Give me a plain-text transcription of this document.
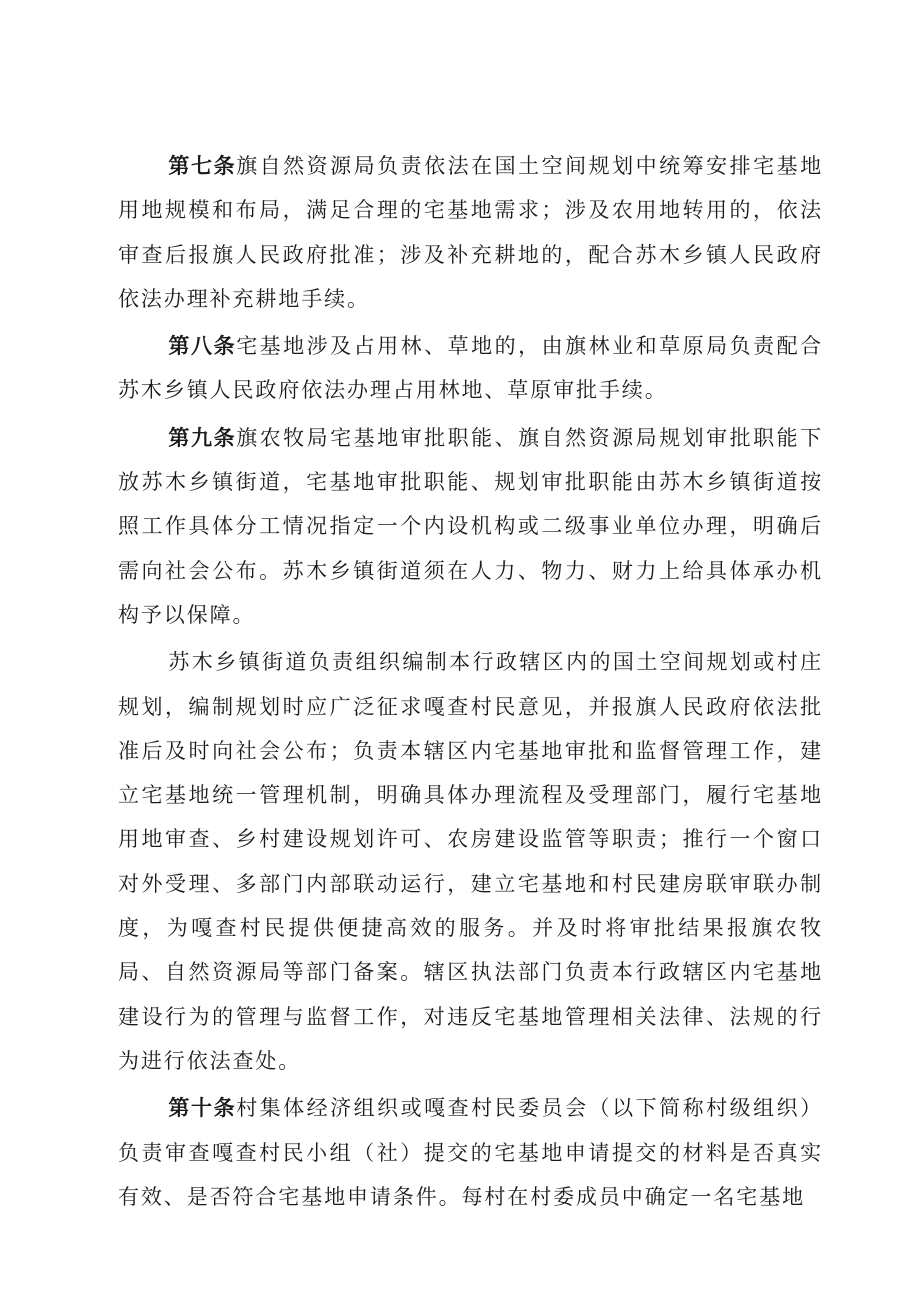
第七条旗自然资源局负责依法在国土空间规划中统筹安排宅基地用地规模和布局，满足合理的宅基地需求；涉及农用地转用的，依法审查后报旗人民政府批准；涉及补充耕地的，配合苏木乡镇人民政府依法办理补充耕地手续。

第八条宅基地涉及占用林、草地的，由旗林业和草原局负责配合苏木乡镇人民政府依法办理占用林地、草原审批手续。

第九条旗农牧局宅基地审批职能、旗自然资源局规划审批职能下放苏木乡镇街道，宅基地审批职能、规划审批职能由苏木乡镇街道按照工作具体分工情况指定一个内设机构或二级事业单位办理，明确后需向社会公布。苏木乡镇街道须在人力、物力、财力上给具体承办机构予以保障。

苏木乡镇街道负责组织编制本行政辖区内的国土空间规划或村庄规划，编制规划时应广泛征求嘎查村民意见，并报旗人民政府依法批准后及时向社会公布；负责本辖区内宅基地审批和监督管理工作，建立宅基地统一管理机制，明确具体办理流程及受理部门，履行宅基地用地审查、乡村建设规划许可、农房建设监管等职责；推行一个窗口对外受理、多部门内部联动运行，建立宅基地和村民建房联审联办制度，为嘎查村民提供便捷高效的服务。并及时将审批结果报旗农牧局、自然资源局等部门备案。辖区执法部门负责本行政辖区内宅基地建设行为的管理与监督工作，对违反宅基地管理相关法律、法规的行为进行依法查处。

第十条村集体经济组织或嘎查村民委员会（以下简称村级组织）负责审查嘎查村民小组（社）提交的宅基地申请提交的材料是否真实有效、是否符合宅基地申请条件。每村在村委成员中确定一名宅基地
